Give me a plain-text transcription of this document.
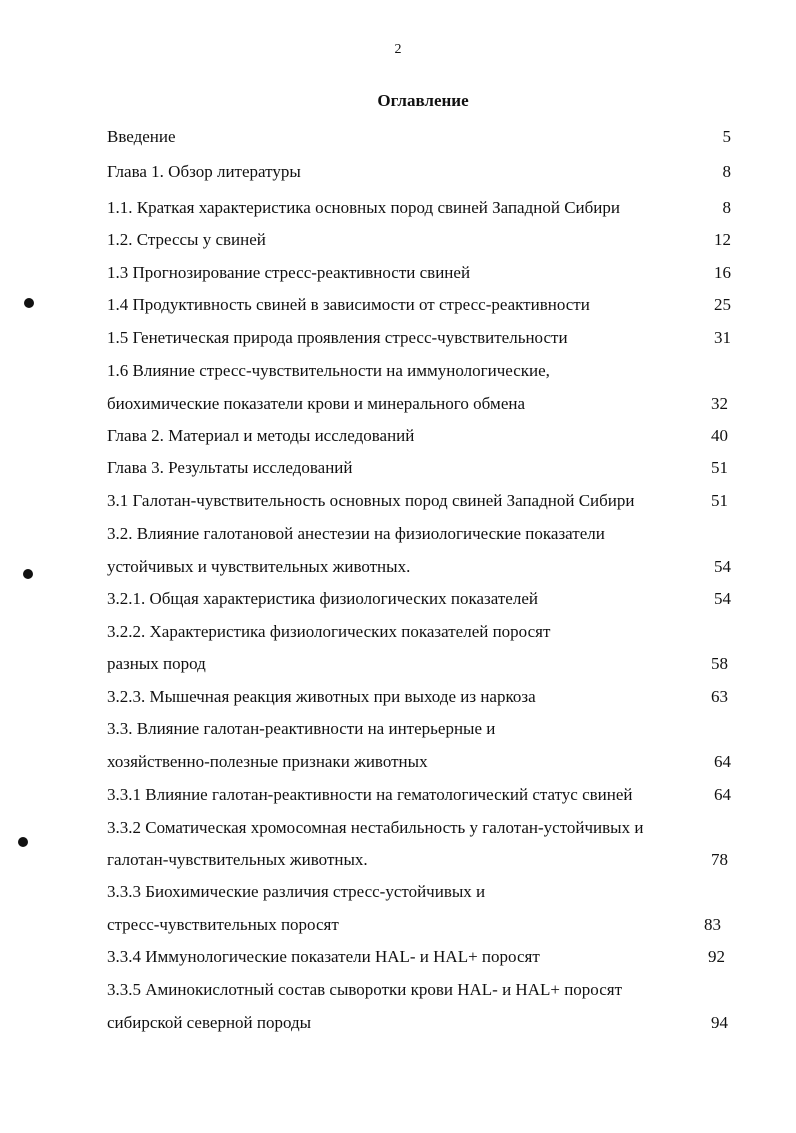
2
Оглавление
Введение	5
Глава 1. Обзор литературы	8
1.1. Краткая характеристика основных пород свиней Западной Сибири	8
1.2. Стрессы у свиней	12
1.3 Прогнозирование стресс-реактивности свиней	16
1.4 Продуктивность свиней в зависимости от стресс-реактивности	25
1.5 Генетическая природа проявления стресс-чувствительности	31
1.6 Влияние стресс-чувствительности на иммунологические,
биохимические показатели крови и минерального обмена	32
Глава 2. Материал и методы исследований	40
Глава 3. Результаты исследований	51
3.1 Галотан-чувствительность основных пород свиней Западной Сибири	51
3.2. Влияние галотановой анестезии на физиологические показатели
устойчивых и чувствительных животных.	54
3.2.1. Общая характеристика физиологических показателей	54
3.2.2. Характеристика физиологических показателей поросят
разных пород	58
3.2.3. Мышечная реакция животных при выходе из наркоза	63
3.3. Влияние галотан-реактивности на интерьерные и
хозяйственно-полезные признаки животных	64
3.3.1 Влияние галотан-реактивности на гематологический статус свиней	64
3.3.2 Соматическая хромосомная нестабильность у галотан-устойчивых и
галотан-чувствительных животных.	78
3.3.3 Биохимические различия стресс-устойчивых и
стресс-чувствительных поросят	83
3.3.4 Иммунологические показатели HAL- и HAL+ поросят	92
3.3.5 Аминокислотный состав сыворотки крови HAL- и HAL+ поросят
сибирской северной породы	94
